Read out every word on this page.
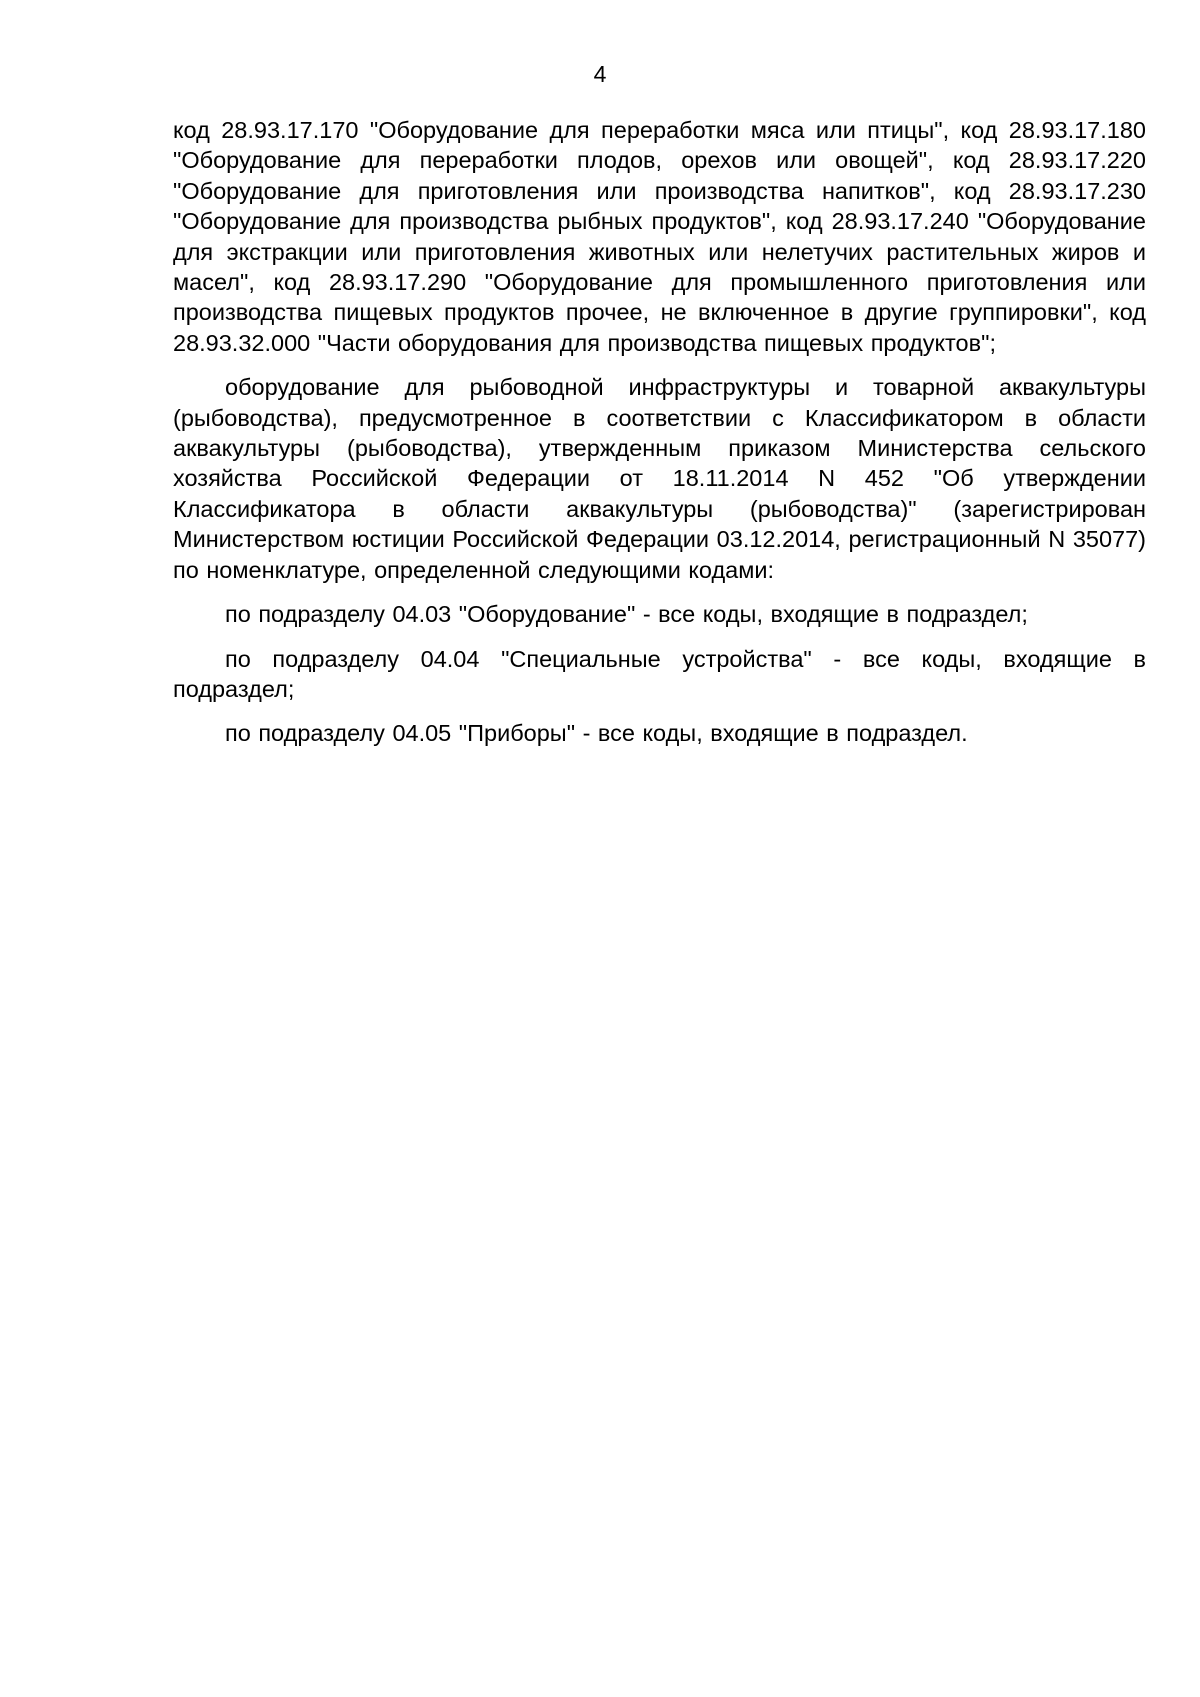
4

код 28.93.17.170 "Оборудование для переработки мяса или птицы", код 28.93.17.180 "Оборудование для переработки плодов, орехов или овощей", код 28.93.17.220 "Оборудование для приготовления или производства напитков", код 28.93.17.230 "Оборудование для производства рыбных продуктов", код 28.93.17.240 "Оборудование для экстракции или приготовления животных или нелетучих растительных жиров и масел", код 28.93.17.290 "Оборудование для промышленного приготовления или производства пищевых продуктов прочее, не включенное в другие группировки", код 28.93.32.000 "Части оборудования для производства пищевых продуктов";

оборудование для рыбоводной инфраструктуры и товарной аквакультуры (рыбоводства), предусмотренное в соответствии с Классификатором в области аквакультуры (рыбоводства), утвержденным приказом Министерства сельского хозяйства Российской Федерации от 18.11.2014 N 452 "Об утверждении Классификатора в области аквакультуры (рыбоводства)" (зарегистрирован Министерством юстиции Российской Федерации 03.12.2014, регистрационный N 35077) по номенклатуре, определенной следующими кодами:

по подразделу 04.03 "Оборудование" - все коды, входящие в подраздел;

по подразделу 04.04 "Специальные устройства" - все коды, входящие в подраздел;

по подразделу 04.05 "Приборы" - все коды, входящие в подраздел.
